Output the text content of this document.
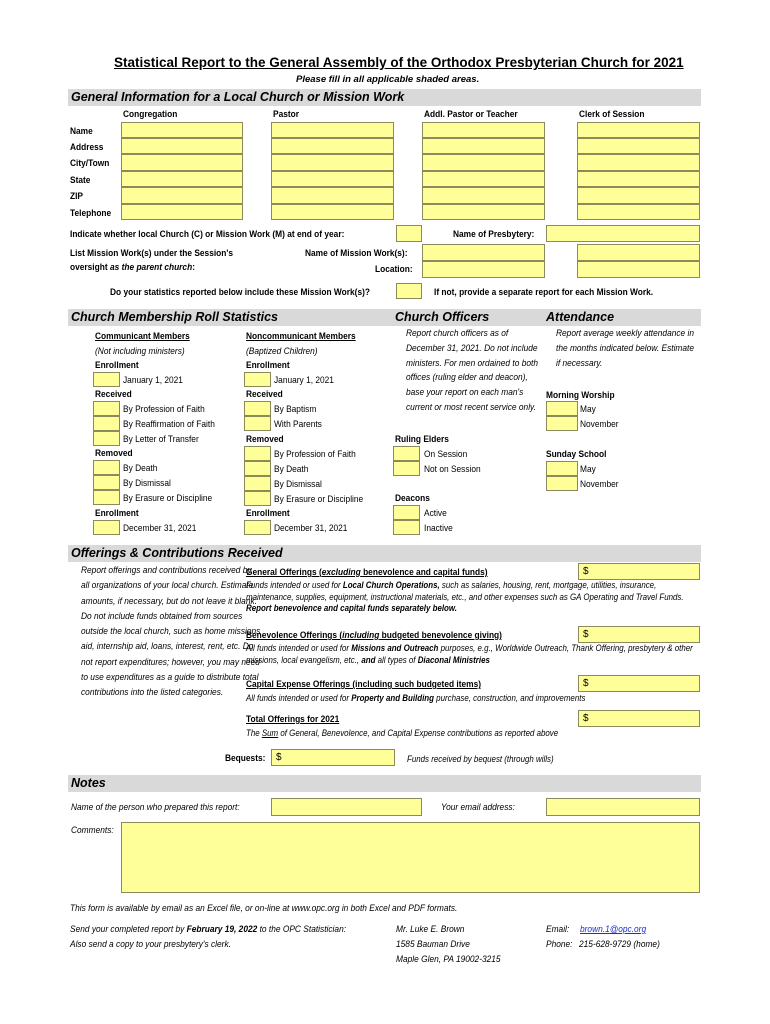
Statistical Report to the General Assembly of the Orthodox Presbyterian Church for 2021
Please fill in all applicable shaded areas.
General Information for a Local Church or Mission Work
Congregation	Pastor	Addl. Pastor or Teacher	Clerk of Session
Name
Address
City/Town
State
ZIP
Telephone
Indicate whether local Church (C) or Mission Work (M) at end of year:	Name of Presbytery:
List Mission Work(s) under the Session's
oversight as the parent church:
Name of Mission Work(s):
Location:
Do your statistics reported below include these Mission Work(s)?	If not, provide a separate report for each Mission Work.
Church Membership Roll Statistics	Church Officers	Attendance
Communicant Members
(Not including ministers)
Enrollment
January 1, 2021
Received
By Profession of Faith
By Reaffirmation of Faith
By Letter of Transfer
Removed
By Death
By Dismissal
By Erasure or Discipline
Enrollment
December 31, 2021
Noncommunicant Members
(Baptized Children)
Enrollment
January 1, 2021
Received
By Baptism
With Parents
Removed
By Profession of Faith
By Death
By Dismissal
By Erasure or Discipline
Enrollment
December 31, 2021
Report church officers as of December 31, 2021. Do not include ministers. For men ordained to both offices (ruling elder and deacon), base your report on each man's current or most recent service only.
Ruling Elders
On Session
Not on Session
Deacons
Active
Inactive
Report average weekly attendance in the months indicated below. Estimate if necessary.
Morning Worship
May
November
Sunday School
May
November
Offerings & Contributions Received
Report offerings and contributions received by all organizations of your local church. Estimate amounts, if necessary, but do not leave it blank. Do not include funds obtained from sources outside the local church, such as home missions aid, internship aid, loans, interest, rent, etc. Do not report expenditures; however, you may need to use expenditures as a guide to distribute total contributions into the listed categories.
General Offerings (excluding benevolence and capital funds)	$
Funds intended or used for Local Church Operations, such as salaries, housing, rent, mortgage, utilities, insurance, maintenance, supplies, equipment, instructional materials, etc., and other expenses such as GA Operating and Travel Funds. Report benevolence and capital funds separately below.
Benevolence Offerings (including budgeted benevolence giving)	$
All funds intended or used for Missions and Outreach purposes, e.g., Worldwide Outreach, Thank Offering, presbytery & other missions, local evangelism, etc., and all types of Diaconal Ministries
Capital Expense Offerings (including such budgeted items)	$
All funds intended or used for Property and Building purchase, construction, and improvements
Total Offerings for 2021	$
The Sum of General, Benevolence, and Capital Expense contributions as reported above
Bequests:	$	Funds received by bequest (through wills)
Notes
Name of the person who prepared this report:	Your email address:
Comments:
This form is available by email as an Excel file, or on-line at www.opc.org in both Excel and PDF formats.
Send your completed report by February 19, 2022 to the OPC Statistician:
Also send a copy to your presbytery's clerk.
Mr. Luke E. Brown
1585 Bauman Drive
Maple Glen, PA 19002-3215
Email: brown.1@opc.org
Phone: 215-628-9729 (home)
